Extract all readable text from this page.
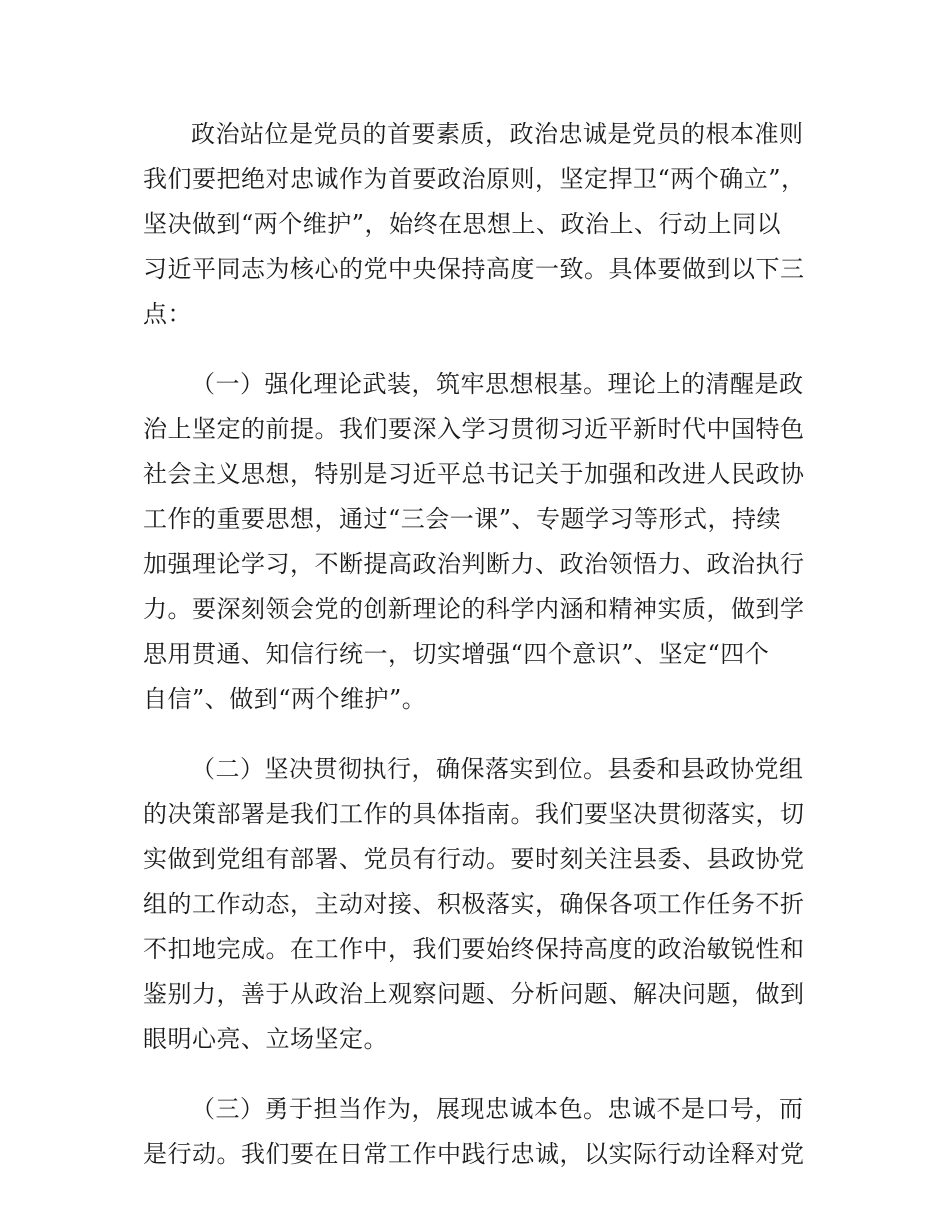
政治站位是党员的首要素质，政治忠诚是党员的根本准则
我们要把绝对忠诚作为首要政治原则，坚定捍卫“两个确立”，
坚决做到“两个维护”，始终在思想上、政治上、行动上同以
习近平同志为核心的党中央保持高度一致。具体要做到以下三
点：
（一）强化理论武装，筑牢思想根基。理论上的清醒是政
治上坚定的前提。我们要深入学习贯彻习近平新时代中国特色
社会主义思想，特别是习近平总书记关于加强和改进人民政协
工作的重要思想，通过“三会一课”、专题学习等形式，持续
加强理论学习，不断提高政治判断力、政治领悟力、政治执行
力。要深刻领会党的创新理论的科学内涵和精神实质，做到学
思用贯通、知信行统一，切实增强“四个意识”、坚定“四个
自信”、做到“两个维护”。
（二）坚决贯彻执行，确保落实到位。县委和县政协党组
的决策部署是我们工作的具体指南。我们要坚决贯彻落实，切
实做到党组有部署、党员有行动。要时刻关注县委、县政协党
组的工作动态，主动对接、积极落实，确保各项工作任务不折
不扣地完成。在工作中，我们要始终保持高度的政治敏锐性和
鉴别力，善于从政治上观察问题、分析问题、解决问题，做到
眼明心亮、立场坚定。
（三）勇于担当作为，展现忠诚本色。忠诚不是口号，而
是行动。我们要在日常工作中践行忠诚，以实际行动诠释对党
